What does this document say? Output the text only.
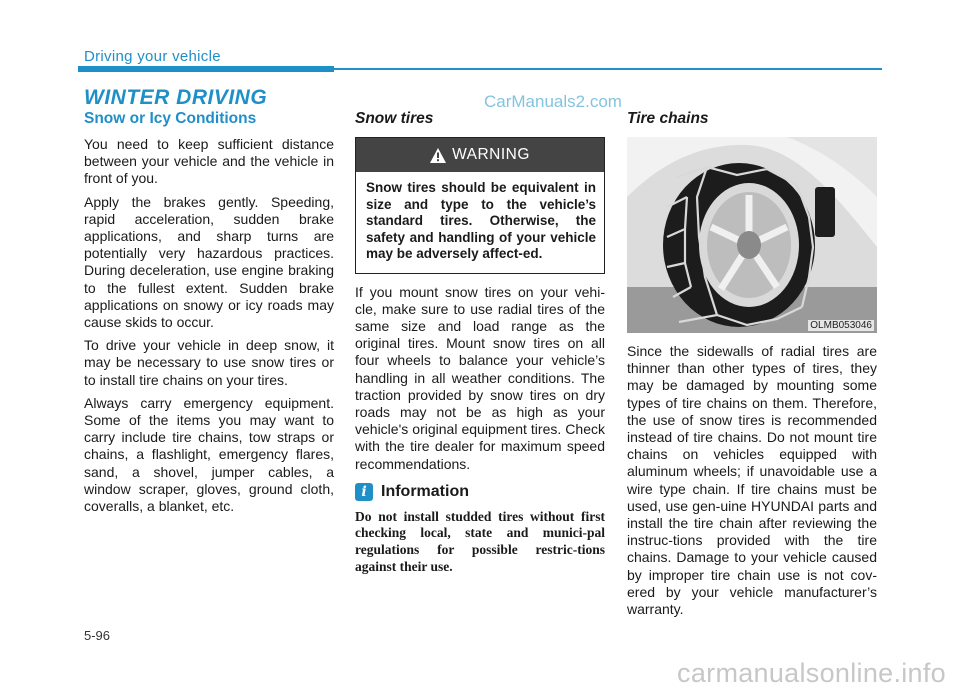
Driving your vehicle
WINTER DRIVING	CarManuals2.com
Snow or Icy Conditions
You need to keep sufficient distance between your vehicle and the vehicle in front of you.
Apply the brakes gently. Speeding, rapid acceleration, sudden brake applications, and sharp turns are potentially very hazardous practices. During deceleration, use engine braking to the fullest extent. Sudden brake applications on snowy or icy roads may cause skids to occur.
To drive your vehicle in deep snow, it may be necessary to use snow tires or to install tire chains on your tires.
Always carry emergency equipment. Some of the items you may want to carry include tire chains, tow straps or chains, a flashlight, emergency flares, sand, a shovel, jumper cables, a window scraper, gloves, ground cloth, coveralls, a blanket, etc.
Snow tires
WARNING
Snow tires should be equivalent in size and type to the vehicle’s standard tires. Otherwise, the safety and handling of your vehicle may be adversely affect-ed.
If you mount snow tires on your vehi-cle, make sure to use radial tires of the same size and load range as the original tires. Mount snow tires on all four wheels to balance your vehicle’s handling in all weather conditions. The traction provided by snow tires on dry roads may not be as high as your vehicle's original equipment tires. Check with the tire dealer for maximum speed recommendations.
i Information
Do not install studded tires without first checking local, state and munici-pal regulations for possible restric-tions against their use.
Tire chains
OLMB053046
Since the sidewalls of radial tires are thinner than other types of tires, they may be damaged by mounting some types of tire chains on them. Therefore, the use of snow tires is recommended instead of tire chains. Do not mount tire chains on vehicles equipped with aluminum wheels; if unavoidable use a wire type chain. If tire chains must be used, use gen-uine HYUNDAI parts and install the tire chain after reviewing the instruc-tions provided with the tire chains. Damage to your vehicle caused by improper tire chain use is not cov-ered by your vehicle manufacturer’s warranty.
5-96
carmanualsonline.info
